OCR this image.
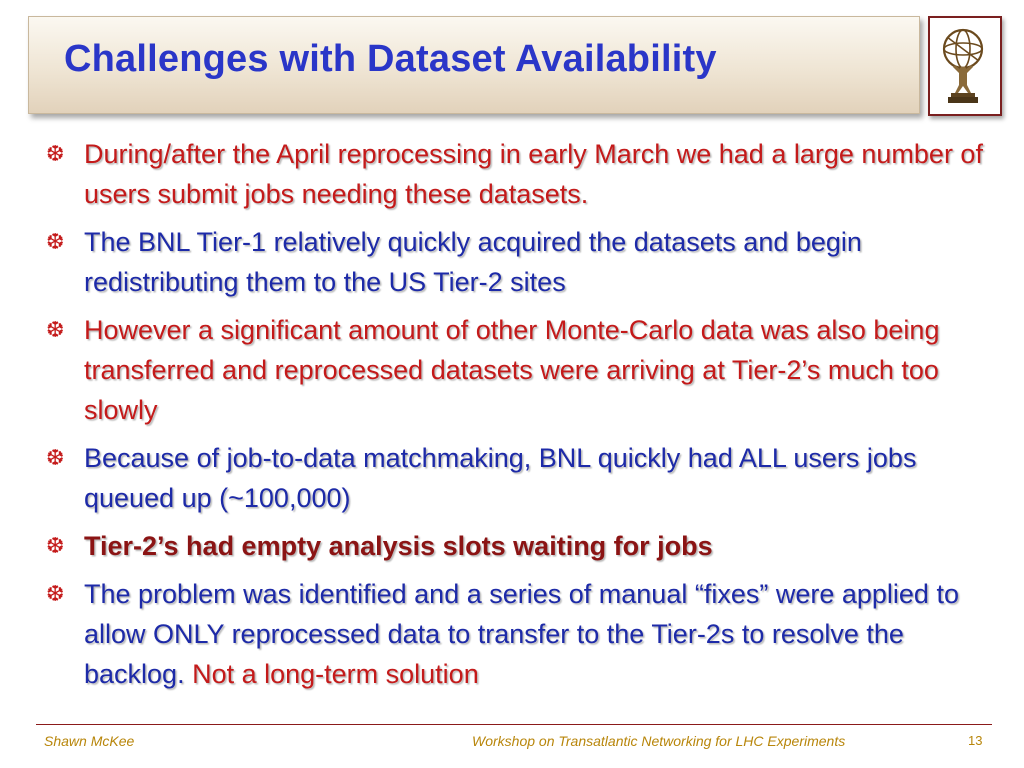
Challenges with Dataset Availability
❆ During/after the April reprocessing in early March we had a large number of users submit jobs needing these datasets.
❆ The BNL Tier-1 relatively quickly acquired the datasets and begin redistributing them to the US Tier-2 sites
❆ However a significant amount of other Monte-Carlo data was also being transferred and reprocessed datasets were arriving at Tier-2’s much too slowly
❆ Because of job-to-data matchmaking, BNL quickly had ALL users jobs queued up (~100,000)
❆ Tier-2’s had empty analysis slots waiting for jobs
❆ The problem was identified and a series of manual “fixes” were applied to allow ONLY reprocessed data to transfer to the Tier-2s to resolve the backlog. Not a long-term solution
Shawn McKee	Workshop on Transatlantic Networking for LHC Experiments	13
